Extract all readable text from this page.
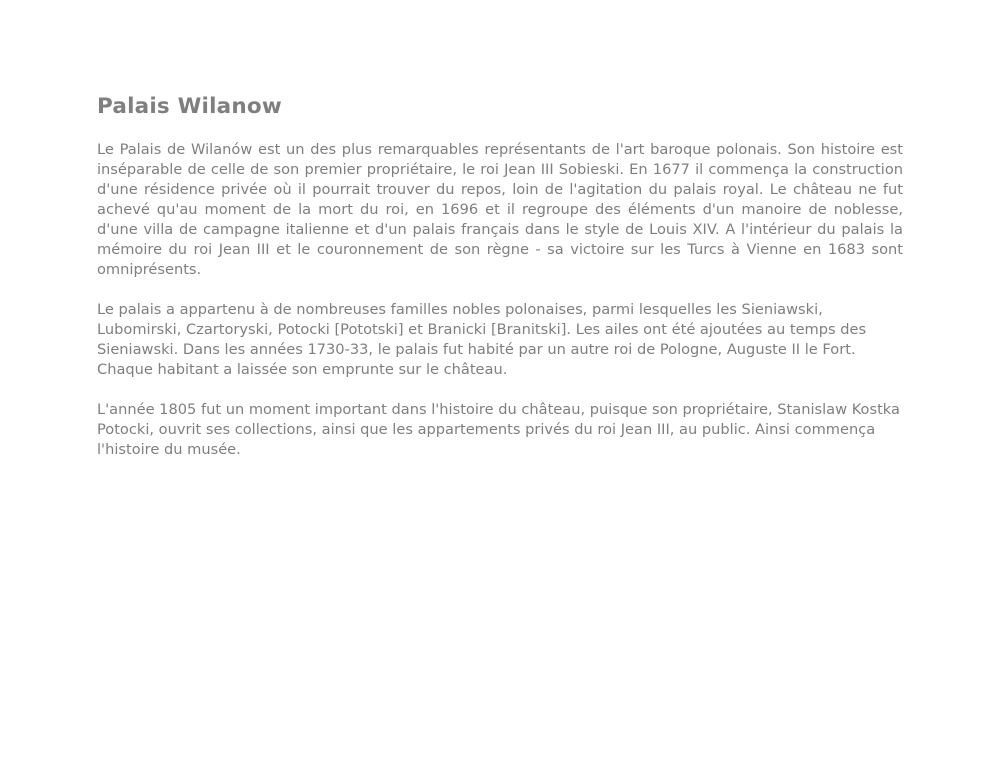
Palais Wilanow

Le Palais de Wilanów est un des plus remarquables représentants de l'art baroque polonais. Son histoire est inséparable de celle de son premier propriétaire, le roi Jean III Sobieski. En 1677 il commença la construction d'une résidence privée où il pourrait trouver du repos, loin de l'agitation du palais royal. Le château ne fut achevé qu'au moment de la mort du roi, en 1696 et il regroupe des éléments d'un manoire de noblesse, d'une villa de campagne italienne et d'un palais français dans le style de Louis XIV. A l'intérieur du palais la mémoire du roi Jean III et le couronnement de son règne - sa victoire sur les Turcs à Vienne en 1683 sont omniprésents.

Le palais a appartenu à de nombreuses familles nobles polonaises, parmi lesquelles les Sieniawski, Lubomirski, Czartoryski, Potocki [Pototski] et Branicki [Branitski]. Les ailes ont été ajoutées au temps des Sieniawski. Dans les années 1730-33, le palais fut habité par un autre roi de Pologne, Auguste II le Fort. Chaque habitant a laissée son emprunte sur le château.

L'année 1805 fut un moment important dans l'histoire du château, puisque son propriétaire, Stanislaw Kostka Potocki, ouvrit ses collections, ainsi que les appartements privés du roi Jean III, au public. Ainsi commença l'histoire du musée.
